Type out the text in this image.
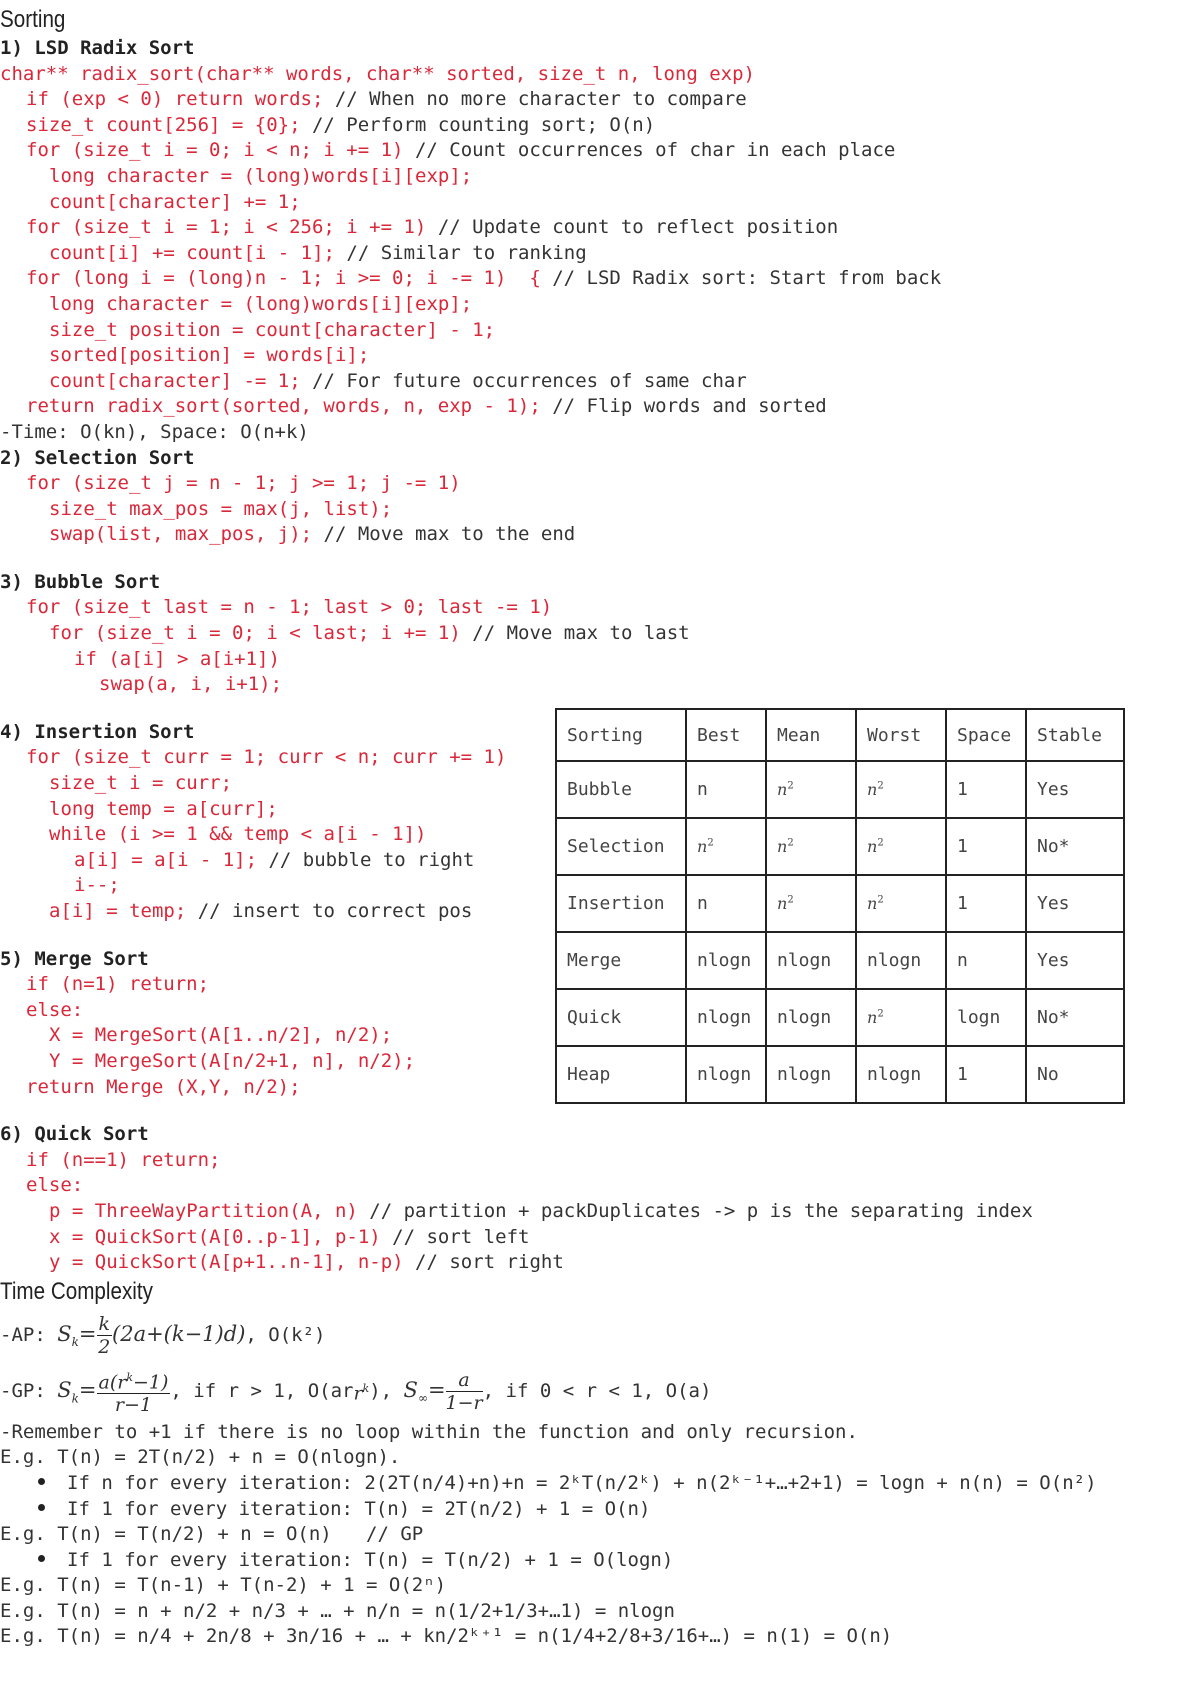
Sorting
1) LSD Radix Sort
char** radix_sort(char** words, char** sorted, size_t n, long exp)
if (exp < 0) return words; // When no more character to compare
size_t count[256] = {0}; // Perform counting sort; O(n)
for (size_t i = 0; i < n; i += 1) // Count occurrences of char in each place
long character = (long)words[i][exp];
count[character] += 1;
for (size_t i = 1; i < 256; i += 1) // Update count to reflect position
count[i] += count[i - 1]; // Similar to ranking
for (long i = (long)n - 1; i >= 0; i -= 1)  { // LSD Radix sort: Start from back
long character = (long)words[i][exp];
size_t position = count[character] - 1;
sorted[position] = words[i];
count[character] -= 1; // For future occurrences of same char
return radix_sort(sorted, words, n, exp - 1); // Flip words and sorted
-Time: O(kn), Space: O(n+k)
2) Selection Sort
for (size_t j = n - 1; j >= 1; j -= 1)
size_t max_pos = max(j, list);
swap(list, max_pos, j); // Move max to the end
3) Bubble Sort
for (size_t last = n - 1; last > 0; last -= 1)
for (size_t i = 0; i < last; i += 1) // Move max to last
if (a[i] > a[i+1])
swap(a, i, i+1);
4) Insertion Sort
for (size_t curr = 1; curr < n; curr += 1)
size_t i = curr;
long temp = a[curr];
while (i >= 1 && temp < a[i - 1])
a[i] = a[i - 1]; // bubble to right
i--;
a[i] = temp; // insert to correct pos
5) Merge Sort
if (n=1) return;
else:
X = MergeSort(A[1..n/2], n/2);
Y = MergeSort(A[n/2+1, n], n/2);
return Merge (X,Y, n/2);
6) Quick Sort
if (n==1) return;
else:
p = ThreeWayPartition(A, n) // partition + packDuplicates -> p is the separating index
x = QuickSort(A[0..p-1], p-1) // sort left
y = QuickSort(A[p+1..n-1], n-p) // sort right
Time Complexity
-AP:
$S_k= \frac{k}{2} (2a+(k-1)d)$ , O(k²)
-GP:
$S_k= \frac{a(r^k-1)}{r-1}$ , if r > 1, O(ar $r^k$ ), $S_\infty= \frac{a}{1-r}$ , if 0 < r < 1, O(a)
-Remember to +1 if there is no loop within the function and only recursion.
E.g. T(n) = 2T(n/2) + n = O(nlogn).
If n for every iteration: 2(2T(n/4)+n)+n = 2ᵏT(n/2ᵏ) + n(2ᵏ⁻¹+…+2+1) = logn + n(n) = O(n²)
If 1 for every iteration: T(n) = 2T(n/2) + 1 = O(n)
E.g. T(n) = T(n/2) + n = O(n)   // GP
If 1 for every iteration: T(n) = T(n/2) + 1 = O(logn)
E.g. T(n) = T(n-1) + T(n-2) + 1 = O(2ⁿ)
E.g. T(n) = n + n/2 + n/3 + … + n/n = n(1/2+1/3+…1) = nlogn
E.g. T(n) = n/4 + 2n/8 + 3n/16 + … + kn/2ᵏ⁺¹ = n(1/4+2/8+3/16+…) = n(1) = O(n)
Sorting	Best	Mean	Worst	Space	Stable
Bubble	n	$n^2$	$n^2$	1	Yes
Selection	$n^2$	$n^2$	$n^2$	1	No*
Insertion	n	$n^2$	$n^2$	1	Yes
Merge	nlogn	nlogn	nlogn	n	Yes
Quick	nlogn	nlogn	$n^2$	logn	No*
Heap	nlogn	nlogn	nlogn	1	No
